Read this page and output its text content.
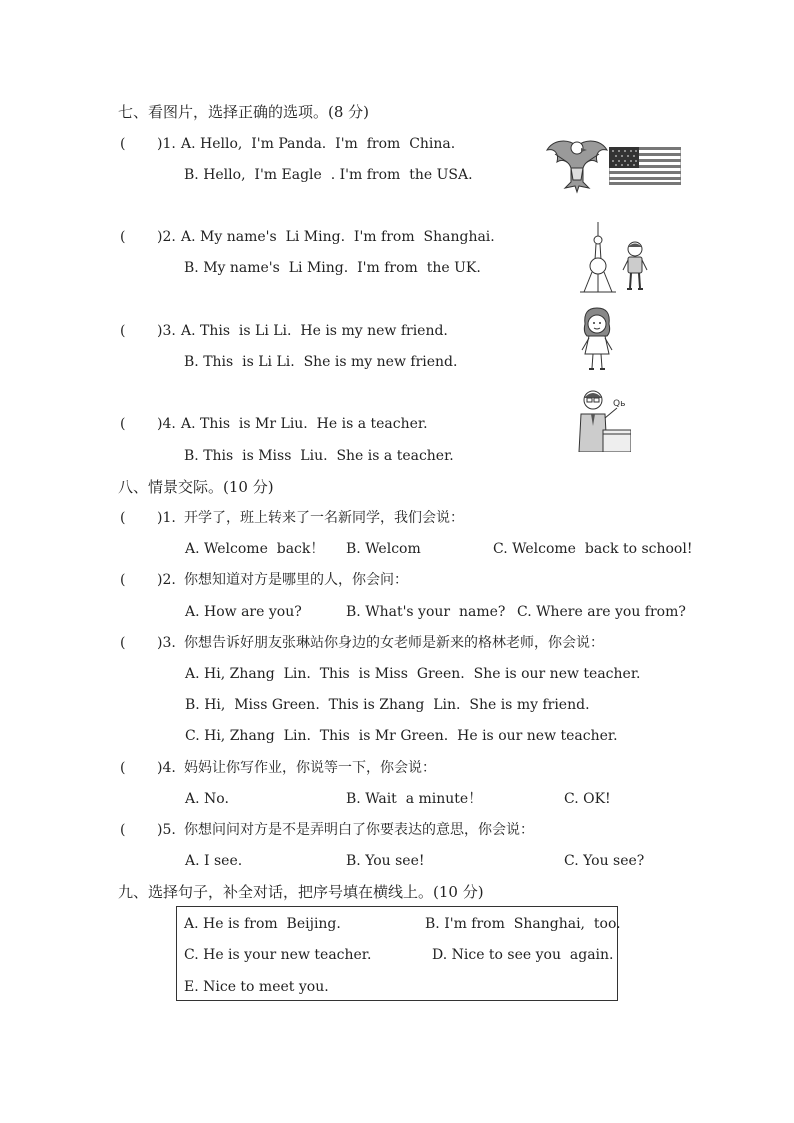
七、看图片，选择正确的选项。(8 分)
( )1. A. Hello,  I'm Panda.  I'm  from  China.
B. Hello,  I'm Eagle  . I'm from  the USA.
( )2. A. My name's  Li Ming.  I'm from  Shanghai.
B. My name's  Li Ming.  I'm from  the UK.
( )3. A. This  is Li Li.  He is my new friend.
B. This  is Li Li.  She is my new friend.
( )4. A. This  is Mr Liu.  He is a teacher.
B. This  is Miss  Liu.  She is a teacher.
Qь
八、情景交际。(10 分)
( )1. 开学了，班上转来了一名新同学，我们会说：
A. Welcome  back！ B. Welcom	C. Welcome  back to school!
( )2. 你想知道对方是哪里的人，你会问：
A. How are you?	B. What's your  name? C. Where are you from?
( )3. 你想告诉好朋友张琳站你身边的女老师是新来的格林老师，你会说：
A. Hi, Zhang  Lin.  This  is Miss  Green.  She is our new teacher.
B. Hi,  Miss Green.  This is Zhang  Lin.  She is my friend.
C. Hi, Zhang  Lin.  This  is Mr Green.  He is our new teacher.
( )4. 妈妈让你写作业，你说等一下，你会说：
A. No.	B. Wait  a minute！	C. OK!
( )5. 你想问问对方是不是弄明白了你要表达的意思，你会说：
A. I see.	B. You see!	C. You see?
九、选择句子，补全对话，把序号填在横线上。(10 分)
A. He is from  Beijing.	B. I'm from  Shanghai,  too.
C. He is your new teacher.	D. Nice to see you  again.
E. Nice to meet you.
